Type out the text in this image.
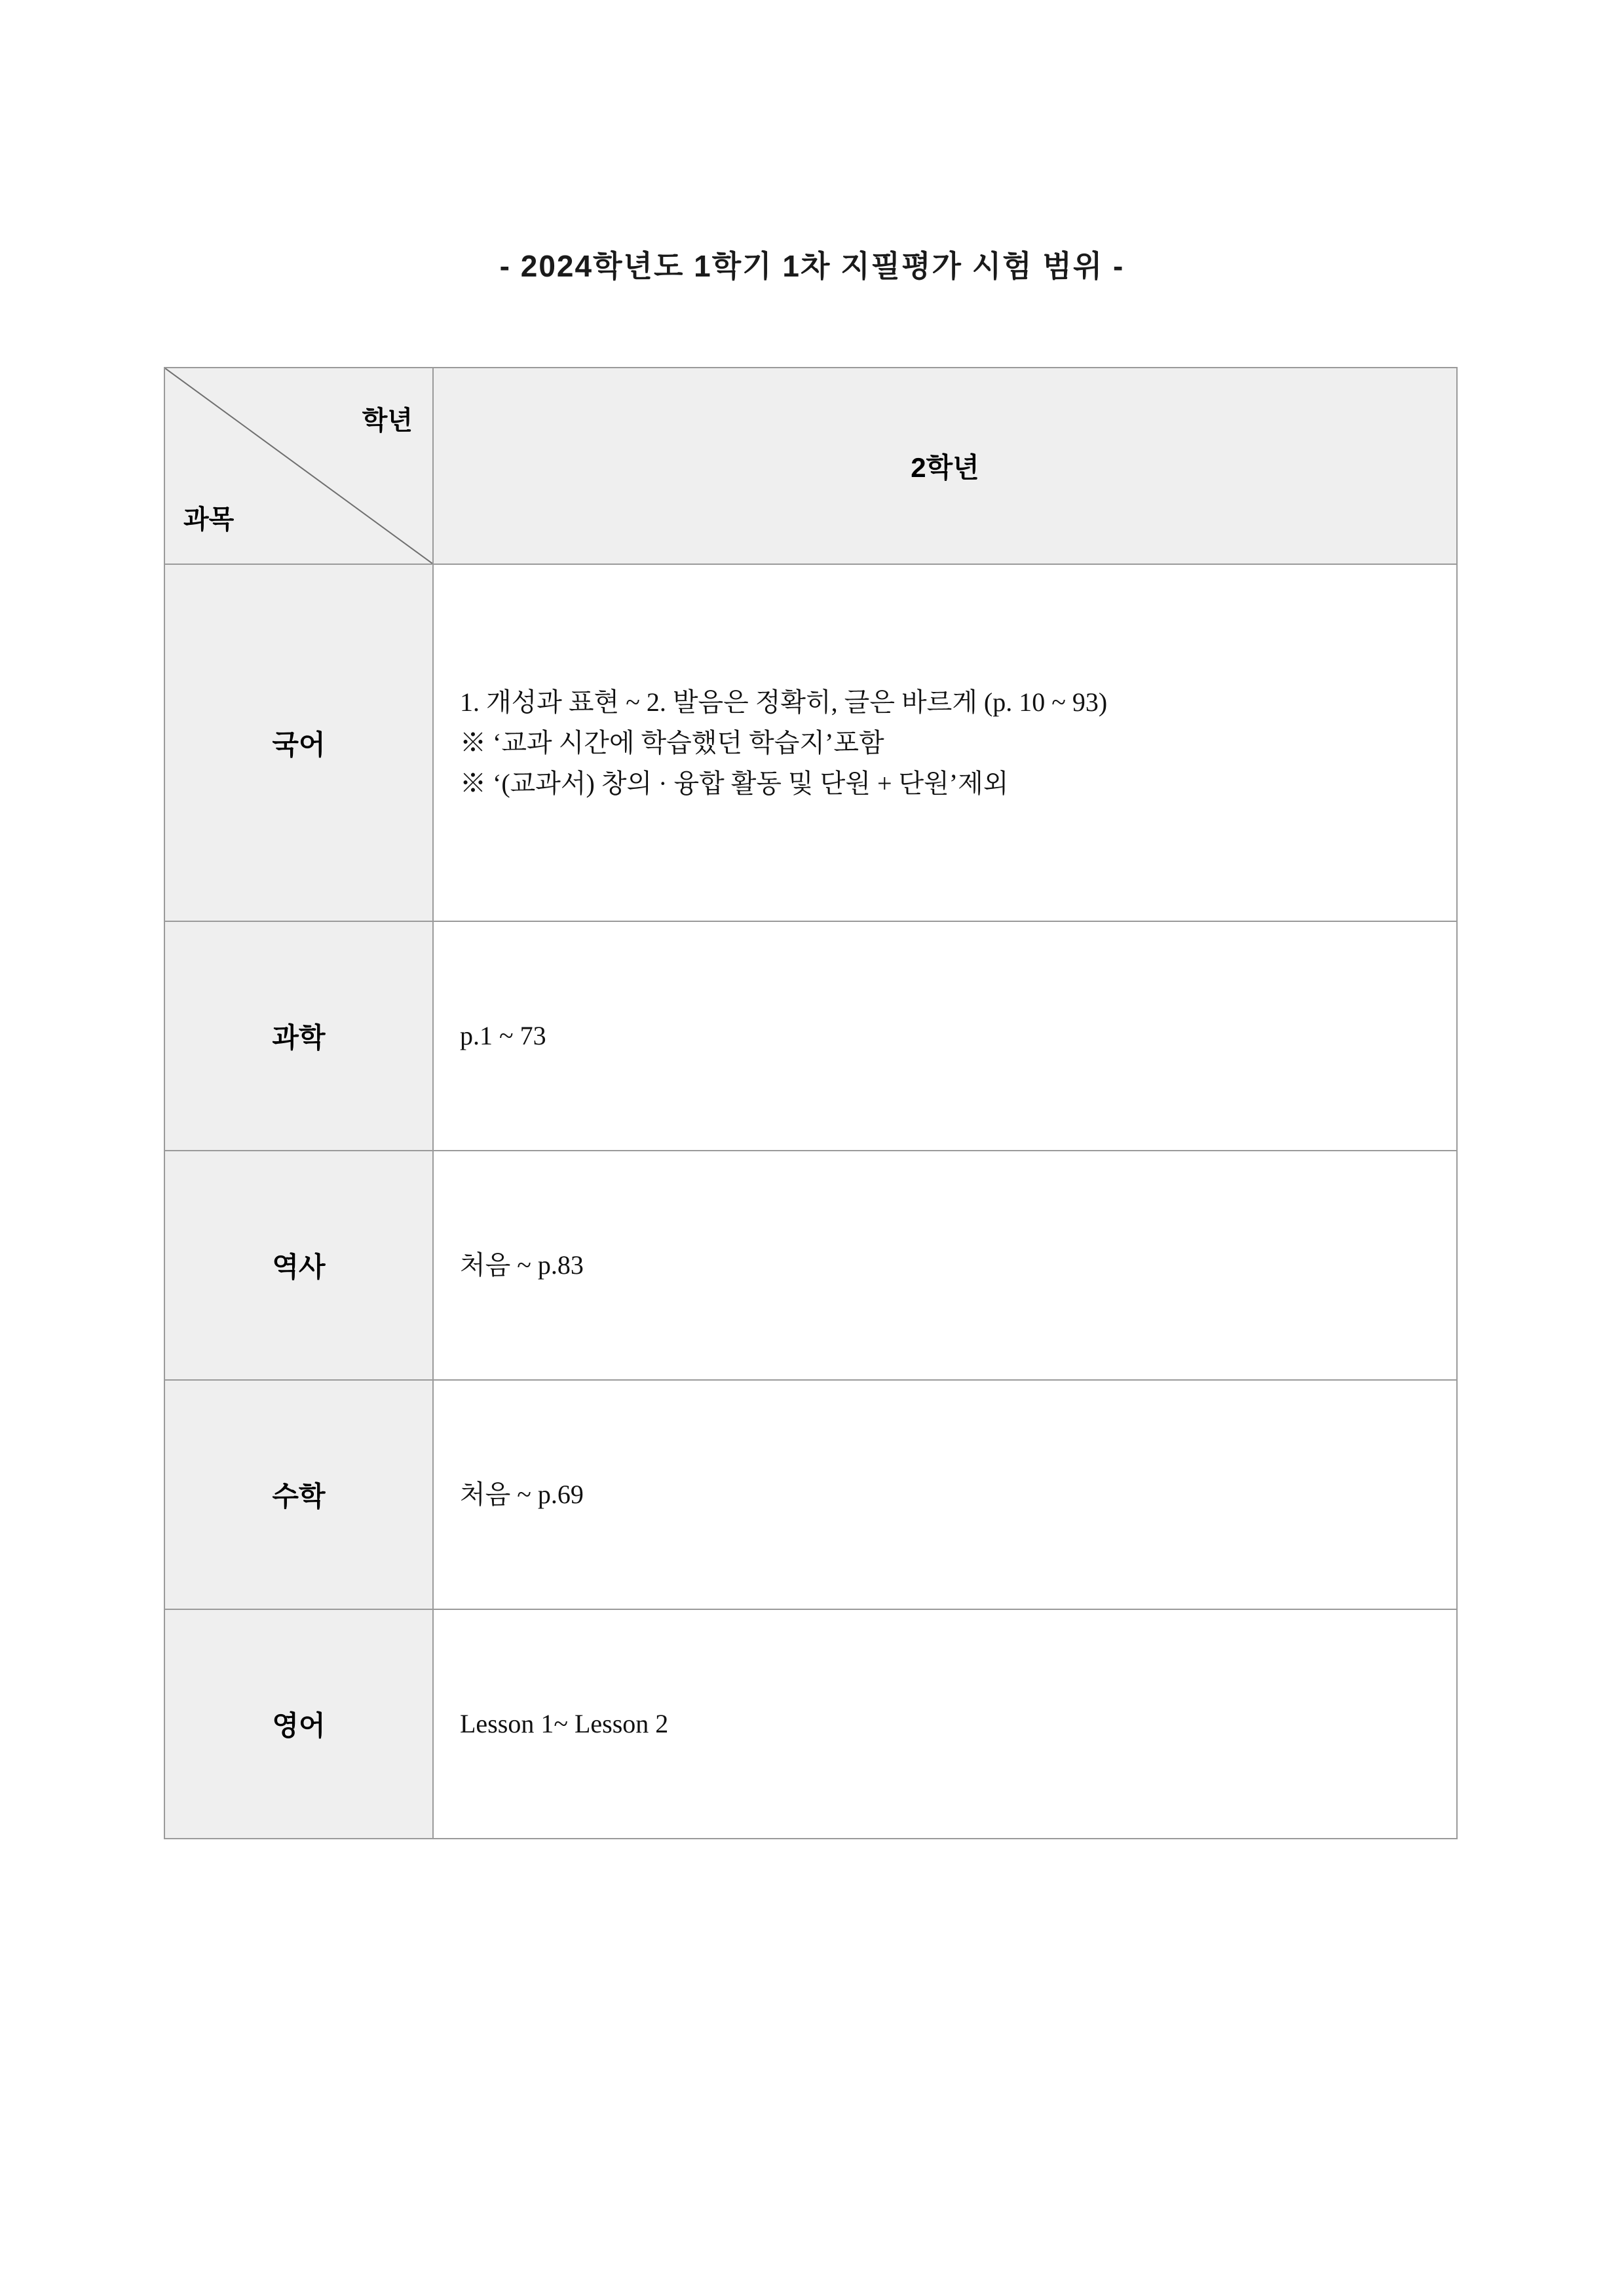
- 2024학년도 1학기 1차 지필평가 시험 범위 -
학년
과목	2학년
국어	1. 개성과 표현 ~ 2. 발음은 정확히, 글은 바르게 (p. 10 ~ 93)
※ ‘교과 시간에 학습했던 학습지’포함
※ ‘(교과서) 창의 · 융합 활동 및 단원 + 단원’제외

과학	p.1 ~ 73

역사	처음 ~ p.83

수학	처음 ~ p.69

영어	Lesson 1~ Lesson 2
